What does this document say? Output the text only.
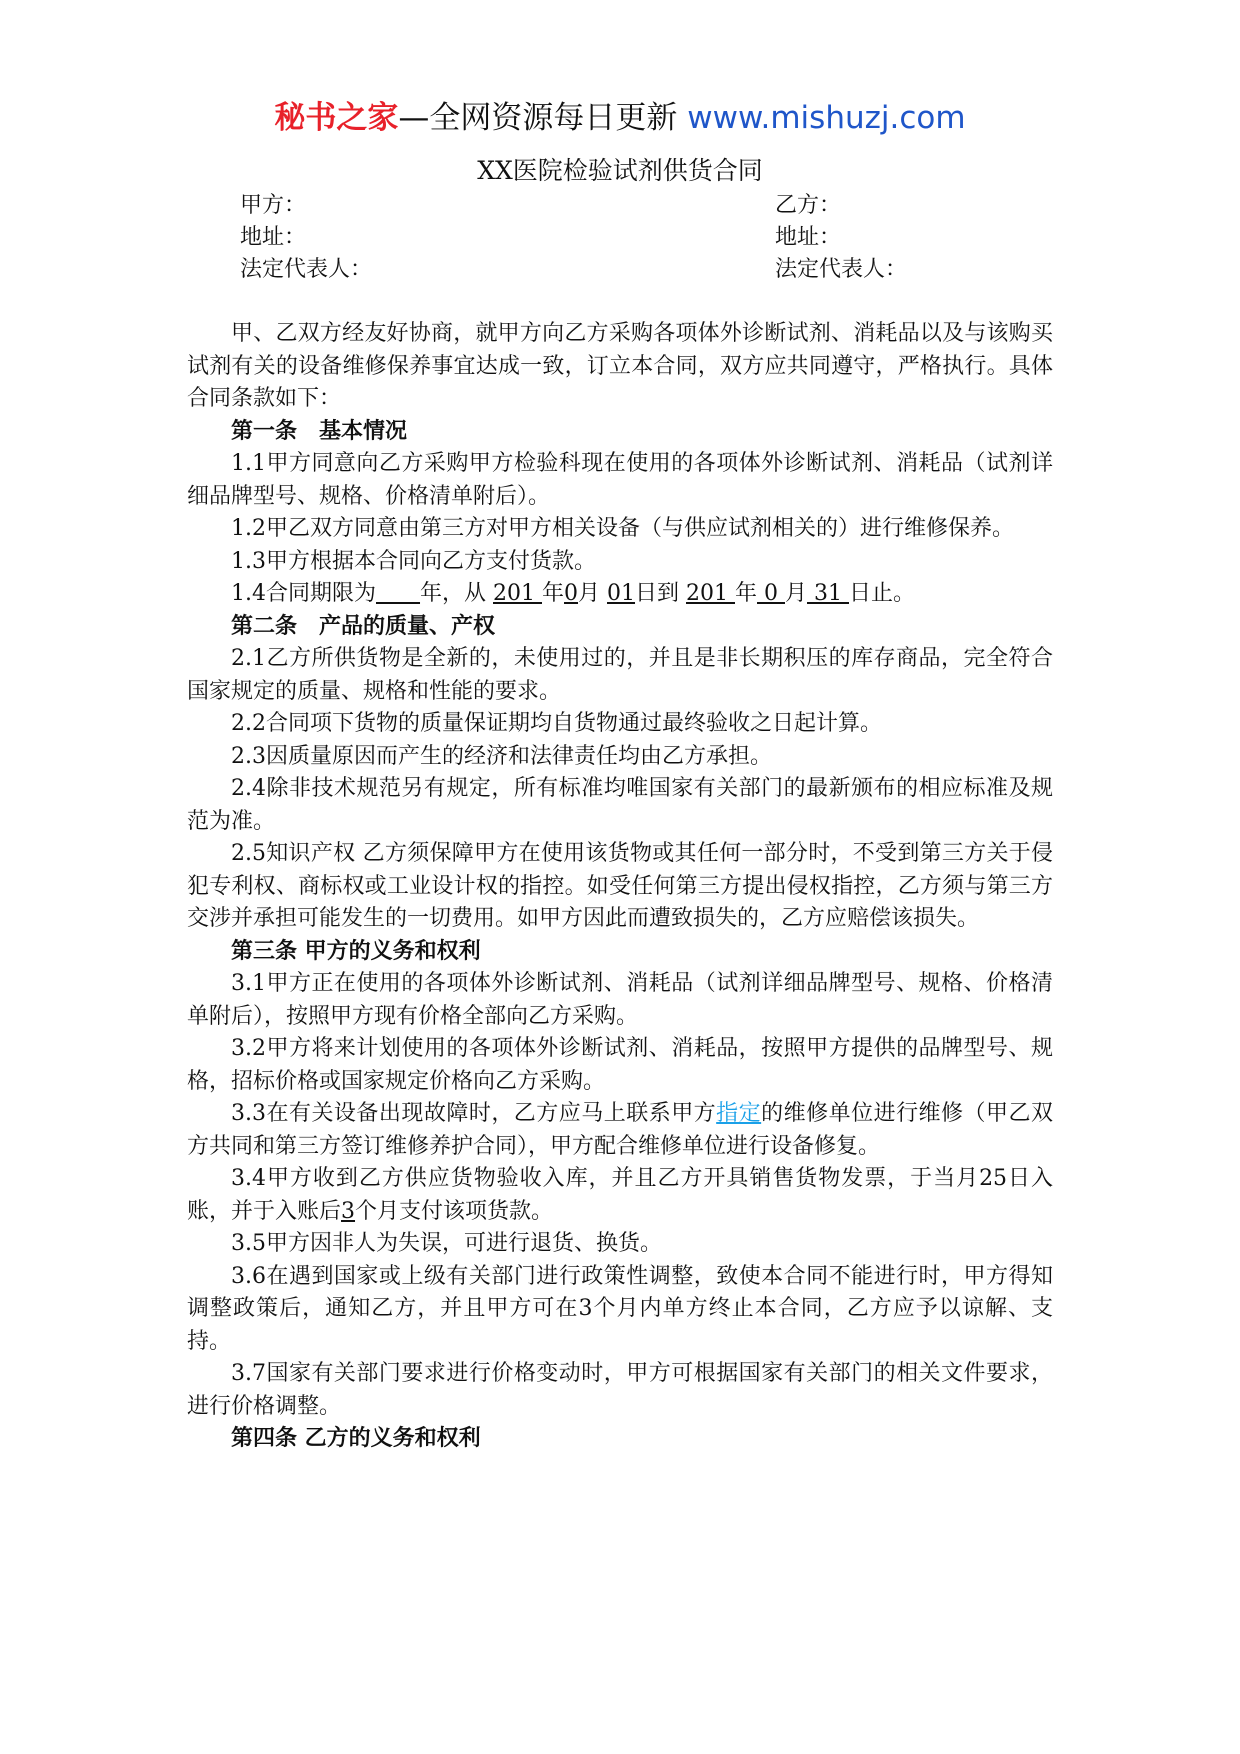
秘书之家—全网资源每日更新 www.mishuzj.com
XX医院检验试剂供货合同
甲方：
地址：
法定代表人：
乙方：
地址：
法定代表人：

甲、乙双方经友好协商，就甲方向乙方采购各项体外诊断试剂、消耗品以及与该购买试剂有关的设备维修保养事宜达成一致，订立本合同，双方应共同遵守，严格执行。具体合同条款如下：

第一条　基本情况

1.1甲方同意向乙方采购甲方检验科现在使用的各项体外诊断试剂、消耗品（试剂详细品牌型号、规格、价格清单附后）。

1.2甲乙双方同意由第三方对甲方相关设备（与供应试剂相关的）进行维修保养。

1.3甲方根据本合同向乙方支付货款。

1.4合同期限为　　 年，从 201 年0月 01日到 201 年 0 月 31 日止。

第二条　产品的质量、产权

2.1乙方所供货物是全新的，未使用过的，并且是非长期积压的库存商品，完全符合国家规定的质量、规格和性能的要求。

2.2合同项下货物的质量保证期均自货物通过最终验收之日起计算。

2.3因质量原因而产生的经济和法律责任均由乙方承担。

2.4除非技术规范另有规定，所有标准均唯国家有关部门的最新颁布的相应标准及规范为准。

2.5知识产权 乙方须保障甲方在使用该货物或其任何一部分时，不受到第三方关于侵犯专利权、商标权或工业设计权的指控。如受任何第三方提出侵权指控，乙方须与第三方交涉并承担可能发生的一切费用。如甲方因此而遭致损失的，乙方应赔偿该损失。

第三条 甲方的义务和权利

3.1甲方正在使用的各项体外诊断试剂、消耗品（试剂详细品牌型号、规格、价格清单附后），按照甲方现有价格全部向乙方采购。

3.2甲方将来计划使用的各项体外诊断试剂、消耗品，按照甲方提供的品牌型号、规格，招标价格或国家规定价格向乙方采购。

3.3在有关设备出现故障时，乙方应马上联系甲方指定的维修单位进行维修（甲乙双方共同和第三方签订维修养护合同），甲方配合维修单位进行设备修复。

3.4甲方收到乙方供应货物验收入库，并且乙方开具销售货物发票，于当月25日入账，并于入账后3个月支付该项货款。

3.5甲方因非人为失误，可进行退货、换货。

3.6在遇到国家或上级有关部门进行政策性调整，致使本合同不能进行时，甲方得知调整政策后，通知乙方，并且甲方可在3个月内单方终止本合同，乙方应予以谅解、支持。

3.7国家有关部门要求进行价格变动时，甲方可根据国家有关部门的相关文件要求，进行价格调整。

第四条 乙方的义务和权利
